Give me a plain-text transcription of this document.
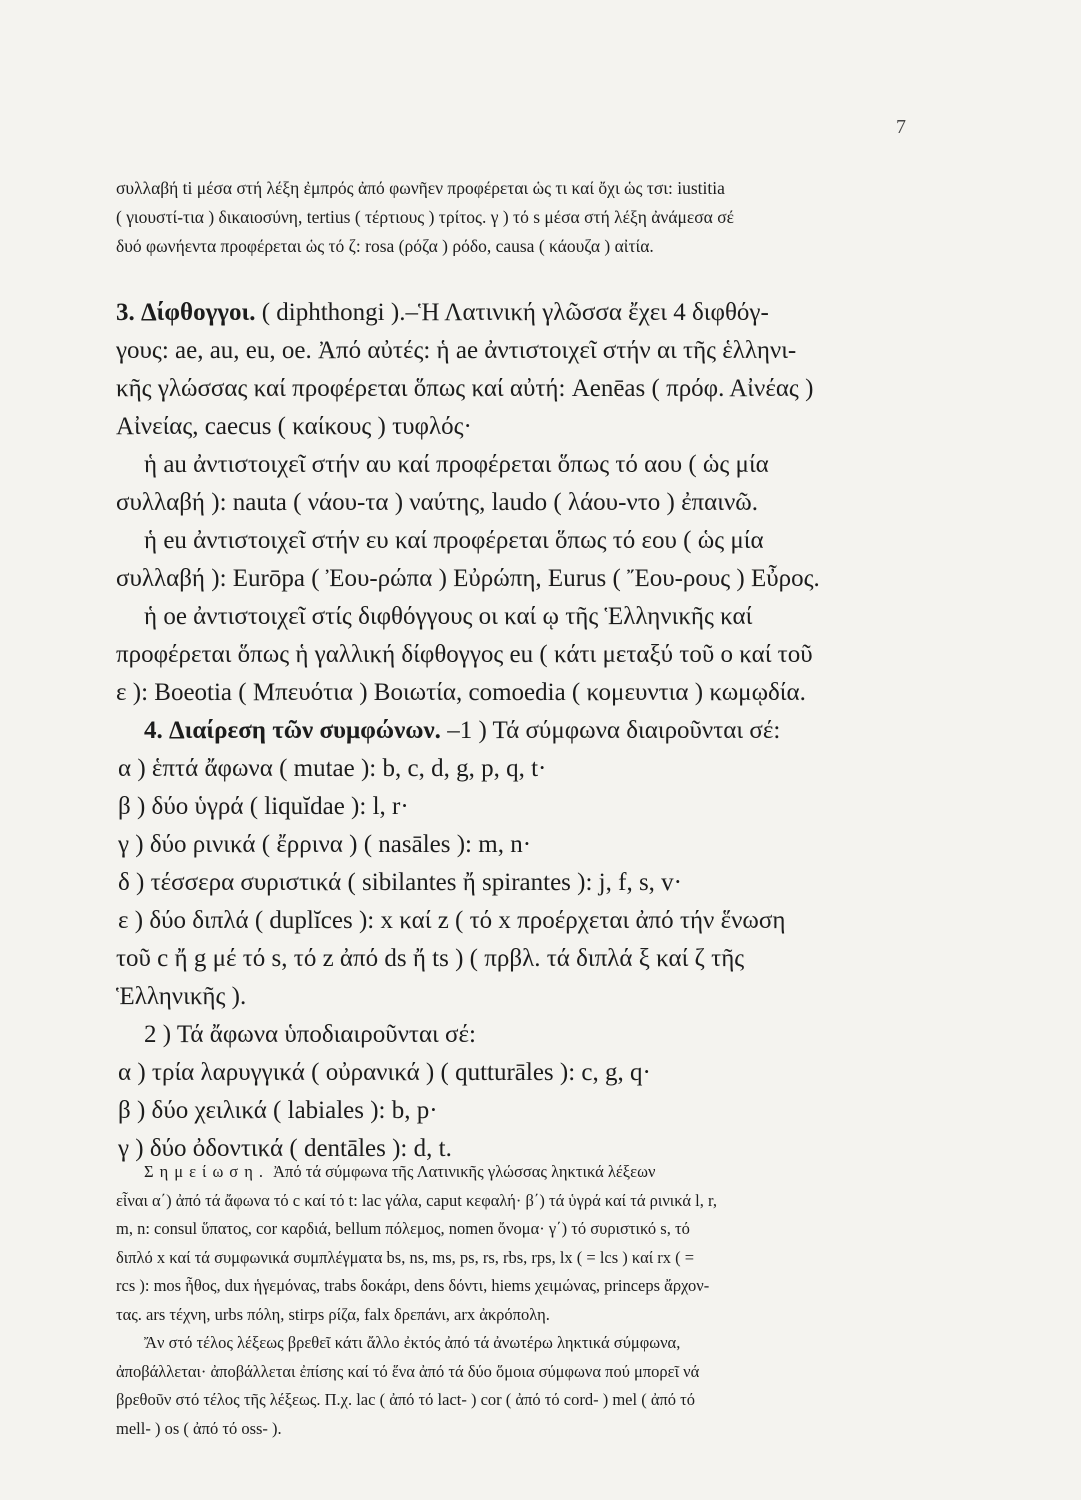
7

συλλαβή ti μέσα στή λέξη ἐμπρός ἀπό φωνῆεν προφέρεται ὡς τι καί ὄχι ὡς τσι: iustitia

( γιουστί-τια ) δικαιοσύνη, tertius ( τέρτιους ) τρίτος. γ ) τό s μέσα στή λέξη ἀνάμεσα σέ

δυό φωνήεντα προφέρεται ὡς τό ζ: rosa (ρόζα ) ρόδο, causa ( κάουζα ) αἰτία.

3. Δίφθογγοι. ( diphthongi ).–Ἡ Λατινική γλῶσσα ἔχει 4 διφθόγ-

γους: ae, au, eu, oe. Ἀπό αὐτές: ἡ ae ἀντιστοιχεῖ στήν αι τῆς ἑλληνι-

κῆς γλώσσας καί προφέρεται ὅπως καί αὐτή: Aenēas ( πρόφ. Αἰνέας )

Αἰνείας, caecus ( καίκους ) τυφλός·

ἡ au ἀντιστοιχεῖ στήν αυ καί προφέρεται ὅπως τό αου ( ὡς μία

συλλαβή ): nauta ( νάου-τα ) ναύτης, laudo ( λάου-ντο ) ἐπαινῶ.

ἡ eu ἀντιστοιχεῖ στήν ευ καί προφέρεται ὅπως τό εου ( ὡς μία

συλλαβή ): Eurōpa ( Ἐου-ρώπα ) Εὐρώπη, Eurus ( Ἔου-ρους ) Εὖρος.

ἡ oe ἀντιστοιχεῖ στίς διφθόγγους οι καί ῳ τῆς Ἑλληνικῆς καί

προφέρεται ὅπως ἡ γαλλική δίφθογγος eu ( κάτι μεταξύ τοῦ ο καί τοῦ

ε ): Boeotia ( Μπευότια ) Βοιωτία, comoedia ( κομευντια ) κωμῳδία.

4. Διαίρεση τῶν συμφώνων. –1 ) Τά σύμφωνα διαιροῦνται σέ:

α ) ἑπτά ἄφωνα ( mutae ): b, c, d, g, p, q, t·

β ) δύο ὑγρά ( liquĭdae ): l, r·

γ ) δύο ρινικά ( ἔρρινα ) ( nasāles ): m, n·

δ ) τέσσερα συριστικά ( sibilantes ἤ spirantes ): j, f, s, v·

ε ) δύο διπλά ( duplĭces ): x καί z ( τό x προέρχεται ἀπό τήν ἕνωση

τοῦ c ἤ g μέ τό s, τό z ἀπό ds ἤ ts ) ( πρβλ. τά διπλά ξ καί ζ τῆς

Ἑλληνικῆς ).

2 ) Τά ἄφωνα ὑποδιαιροῦνται σέ:

α ) τρία λαρυγγικά ( οὐρανικά ) ( qutturāles ): c, g, q·

β ) δύο χειλικά ( labiales ): b, p·

γ ) δύο ὀδοντικά ( dentāles ): d, t.

Σημείωση. Ἀπό τά σύμφωνα τῆς Λατινικῆς γλώσσας ληκτικά λέξεων

εἶναι α΄) ἀπό τά ἄφωνα τό c καί τό t: lac γάλα, caput κεφαλή· β΄) τά ὑγρά καί τά ρινικά l, r,

m, n: consul ὕπατος, cor καρδιά, bellum πόλεμος, nomen ὄνομα· γ΄) τό συριστικό s, τό

διπλό x καί τά συμφωνικά συμπλέγματα bs, ns, ms, ps, rs, rbs, rps, lx ( = lcs ) καί rx ( =

rcs ): mos ἦθος, dux ἡγεμόνας, trabs δοκάρι, dens δόντι, hiems χειμώνας, princeps ἄρχον-

τας. ars τέχνη, urbs πόλη, stirps ρίζα, falx δρεπάνι, arx ἀκρόπολη.

Ἄν στό τέλος λέξεως βρεθεῖ κάτι ἄλλο ἐκτός ἀπό τά ἀνωτέρω ληκτικά σύμφωνα,

ἀποβάλλεται· ἀποβάλλεται ἐπίσης καί τό ἕνα ἀπό τά δύο ὅμοια σύμφωνα πού μπορεῖ νά

βρεθοῦν στό τέλος τῆς λέξεως. Π.χ. lac ( ἀπό τό lact- ) cor ( ἀπό τό cord- ) mel ( ἀπό τό

mell- ) os ( ἀπό τό oss- ).
